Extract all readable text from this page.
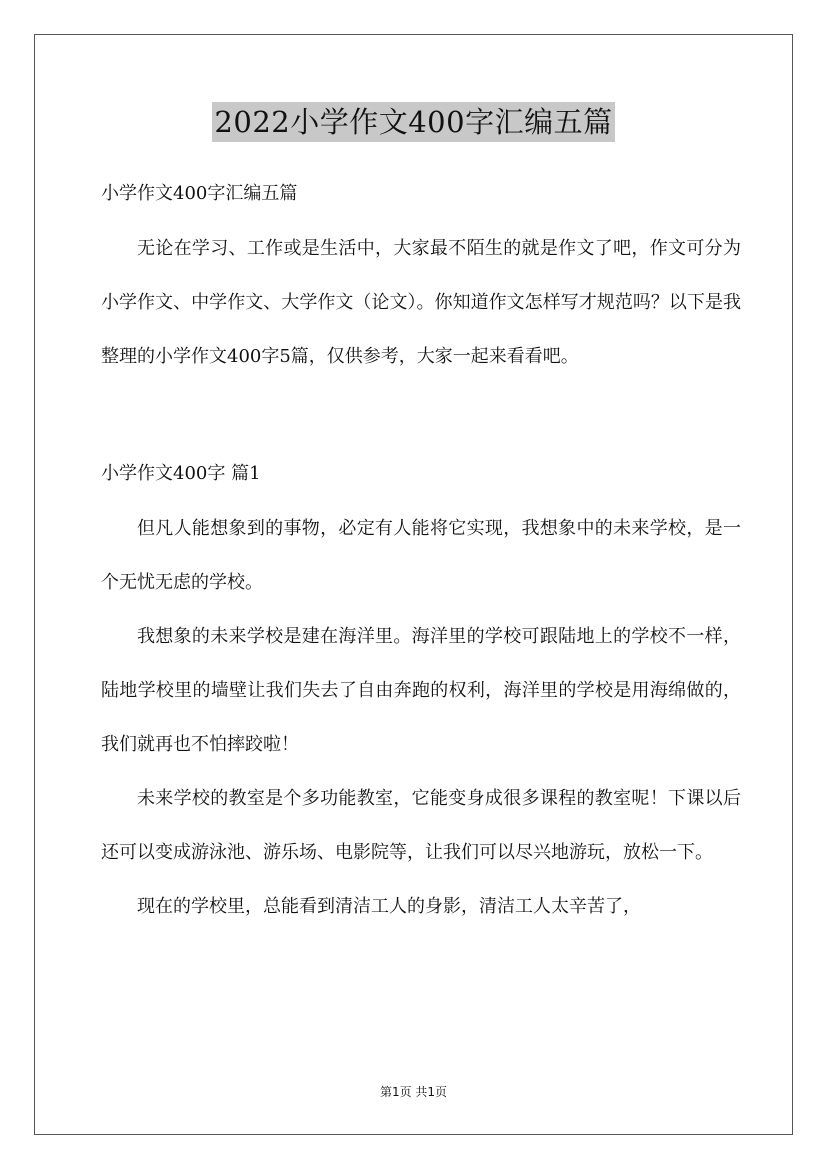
2022小学作文400字汇编五篇

小学作文400字汇编五篇

无论在学习、工作或是生活中，大家最不陌生的就是作文了吧，作文可分为小学作文、中学作文、大学作文（论文）。你知道作文怎样写才规范吗？以下是我整理的小学作文400字5篇，仅供参考，大家一起来看看吧。

小学作文400字 篇1

但凡人能想象到的事物，必定有人能将它实现，我想象中的未来学校，是一个无忧无虑的学校。

我想象的未来学校是建在海洋里。海洋里的学校可跟陆地上的学校不一样，陆地学校里的墙壁让我们失去了自由奔跑的权利，海洋里的学校是用海绵做的，我们就再也不怕摔跤啦！

未来学校的教室是个多功能教室，它能变身成很多课程的教室呢！下课以后还可以变成游泳池、游乐场、电影院等，让我们可以尽兴地游玩，放松一下。

现在的学校里，总能看到清洁工人的身影，清洁工人太辛苦了，

第1页 共1页
